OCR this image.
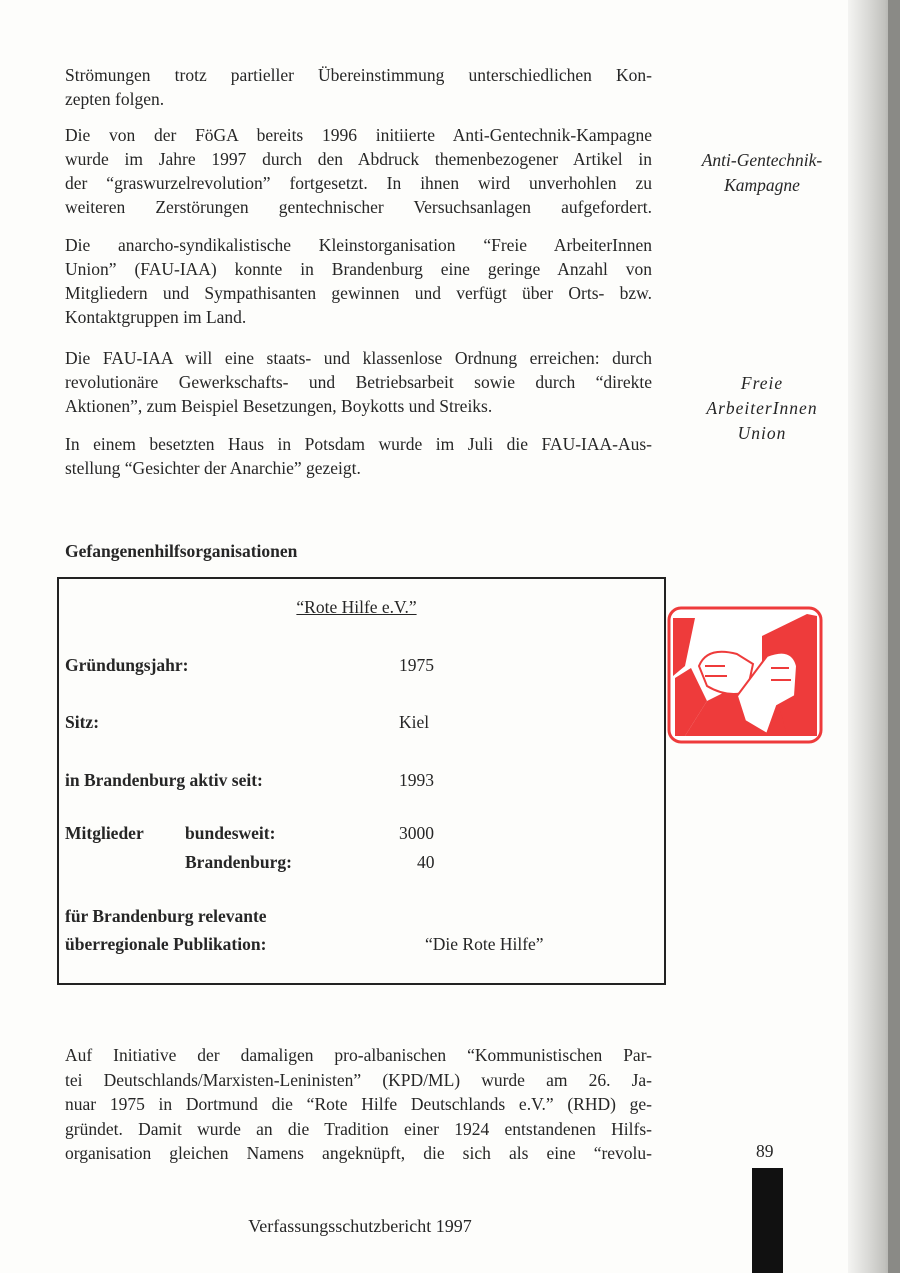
Strömungen trotz partieller Übereinstimmung unterschiedlichen Kon-
zepten folgen.
Die von der FöGA bereits 1996 initiierte Anti-Gentechnik-Kampagne
wurde im Jahre 1997 durch den Abdruck themenbezogener Artikel in
der “graswurzelrevolution” fortgesetzt. In ihnen wird unverhohlen zu
weiteren Zerstörungen gentechnischer Versuchsanlagen aufgefordert.
Die anarcho-syndikalistische Kleinstorganisation “Freie ArbeiterInnen
Union” (FAU-IAA) konnte in Brandenburg eine geringe Anzahl von
Mitgliedern und Sympathisanten gewinnen und verfügt über Orts- bzw.
Kontaktgruppen im Land.
Die FAU-IAA will eine staats- und klassenlose Ordnung erreichen: durch
revolutionäre Gewerkschafts- und Betriebsarbeit sowie durch “direkte
Aktionen”, zum Beispiel Besetzungen, Boykotts und Streiks.
In einem besetzten Haus in Potsdam wurde im Juli die FAU-IAA-Aus-
stellung “Gesichter der Anarchie” gezeigt.
Anti-Gentechnik-
Kampagne
Freie
ArbeiterInnen
Union
Gefangenenhilfsorganisationen
“Rote Hilfe e.V.”
Gründungsjahr:	1975
Sitz:	Kiel
in Brandenburg aktiv seit:	1993
Mitglieder bundesweit:	3000
Brandenburg:	40
für Brandenburg relevante
überregionale Publikation:	“Die Rote Hilfe”
Auf Initiative der damaligen pro-albanischen “Kommunistischen Par-
tei Deutschlands/Marxisten-Leninisten” (KPD/ML) wurde am 26. Ja-
nuar 1975 in Dortmund die “Rote Hilfe Deutschlands e.V.” (RHD) ge-
gründet. Damit wurde an die Tradition einer 1924 entstandenen Hilfs-
organisation gleichen Namens angeknüpft, die sich als eine “revolu-	89
Verfassungsschutzbericht 1997
